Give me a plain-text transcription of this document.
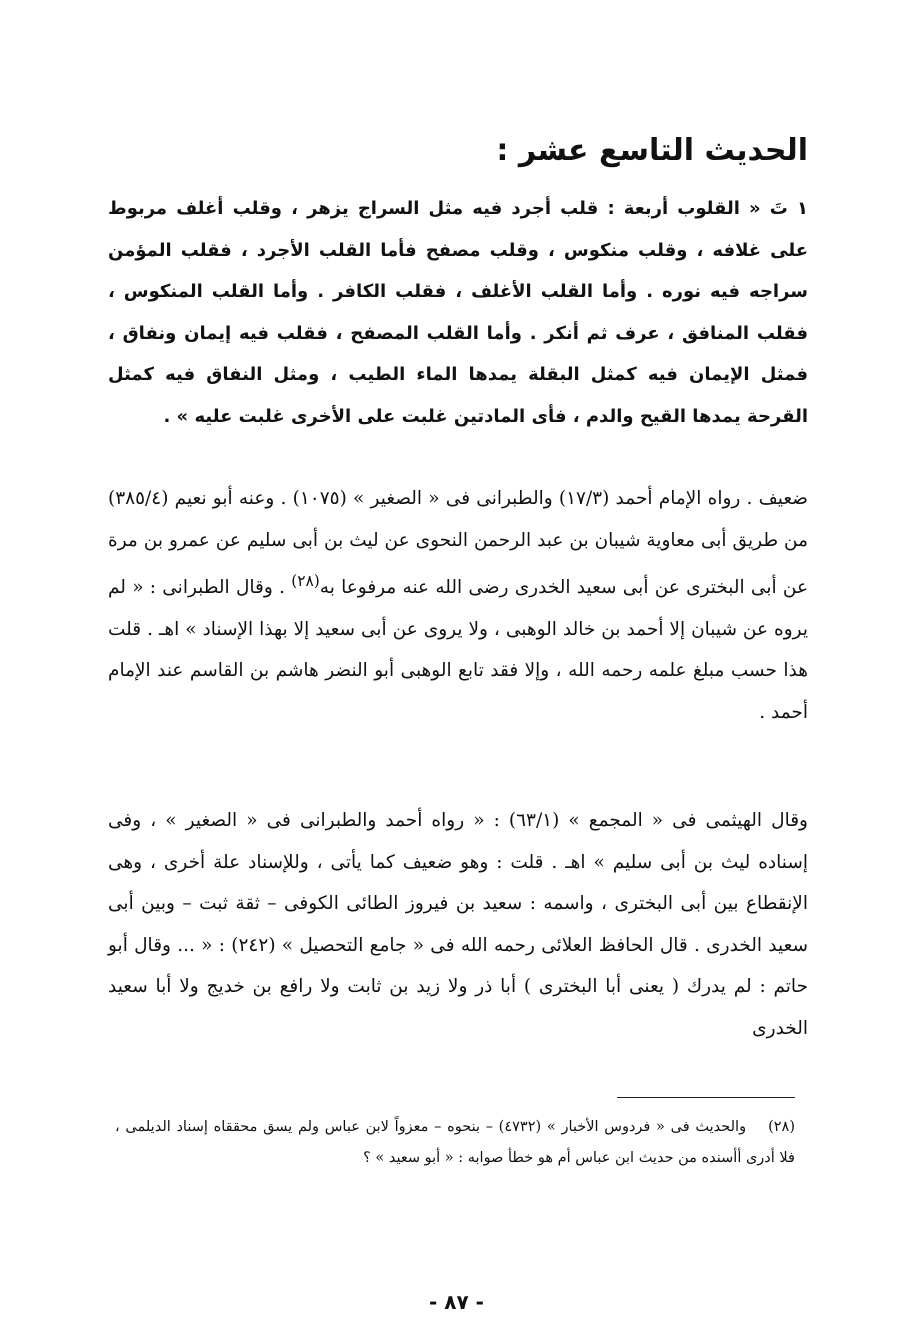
الحديث التاسع عشر :
١ تَ « القلوب أربعة : قلب أجرد فيه مثل السراج يزهر ، وقلب أغلف مربوط على غلافه ، وقلب منكوس ، وقلب مصفح فأما القلب الأجرد ، فقلب المؤمن سراجه فيه نوره . وأما القلب الأغلف ، فقلب الكافر . وأما القلب المنكوس ، فقلب المنافق ، عرف ثم أنكر . وأما القلب المصفح ، فقلب فيه إيمان ونفاق ، فمثل الإيمان فيه كمثل البقلة يمدها الماء الطيب ، ومثل النفاق فيه كمثل القرحة يمدها القيح والدم ، فأى المادتين غلبت على الأخرى غلبت عليه » .
ضعيف . رواه الإمام أحمد (١٧/٣) والطبرانى فى « الصغير » (١٠٧٥) . وعنه أبو نعيم (٣٨٥/٤) من طريق أبى معاوية شيبان بن عبد الرحمن النحوى عن ليث بن أبى سليم عن عمرو بن مرة عن أبى البخترى عن أبى سعيد الخدرى رضى الله عنه مرفوعا به$^{(٢٨)}$ . وقال الطبرانى : « لم يروه عن شيبان إلا أحمد بن خالد الوهبى ، ولا يروى عن أبى سعيد إلا بهذا الإسناد » اهـ . قلت هذا حسب مبلغ علمه رحمه الله ، وإلا فقد تابع الوهبى أبو النضر هاشم بن القاسم عند الإمام أحمد .
وقال الهيثمى فى « المجمع » (٦٣/١) : « رواه أحمد والطبرانى فى « الصغير » ، وفى إسناده ليث بن أبى سليم » اهـ . قلت : وهو ضعيف كما يأتى ، وللإسناد علة أخرى ، وهى الإنقطاع بين أبى البخترى ، واسمه : سعيد بن فيروز الطائى الكوفى – ثقة ثبت – وبين أبى سعيد الخدرى . قال الحافظ العلائى رحمه الله فى « جامع التحصيل » (٢٤٢) : « ... وقال أبو حاتم : لم يدرك ( يعنى أبا البخترى ) أبا ذر ولا زيد بن ثابت ولا رافع بن خديج ولا أبا سعيد الخدرى
(٢٨)والحديث فى « فردوس الأخبار » (٤٧٣٢) – بنحوه – معزواً لابن عباس ولم يسق محققاه إسناد الديلمى ، فلا أدرى أأسنده من حديث ابن عباس أم هو خطأ صوابه : « أبو سعيد » ؟
- ٨٧ -
